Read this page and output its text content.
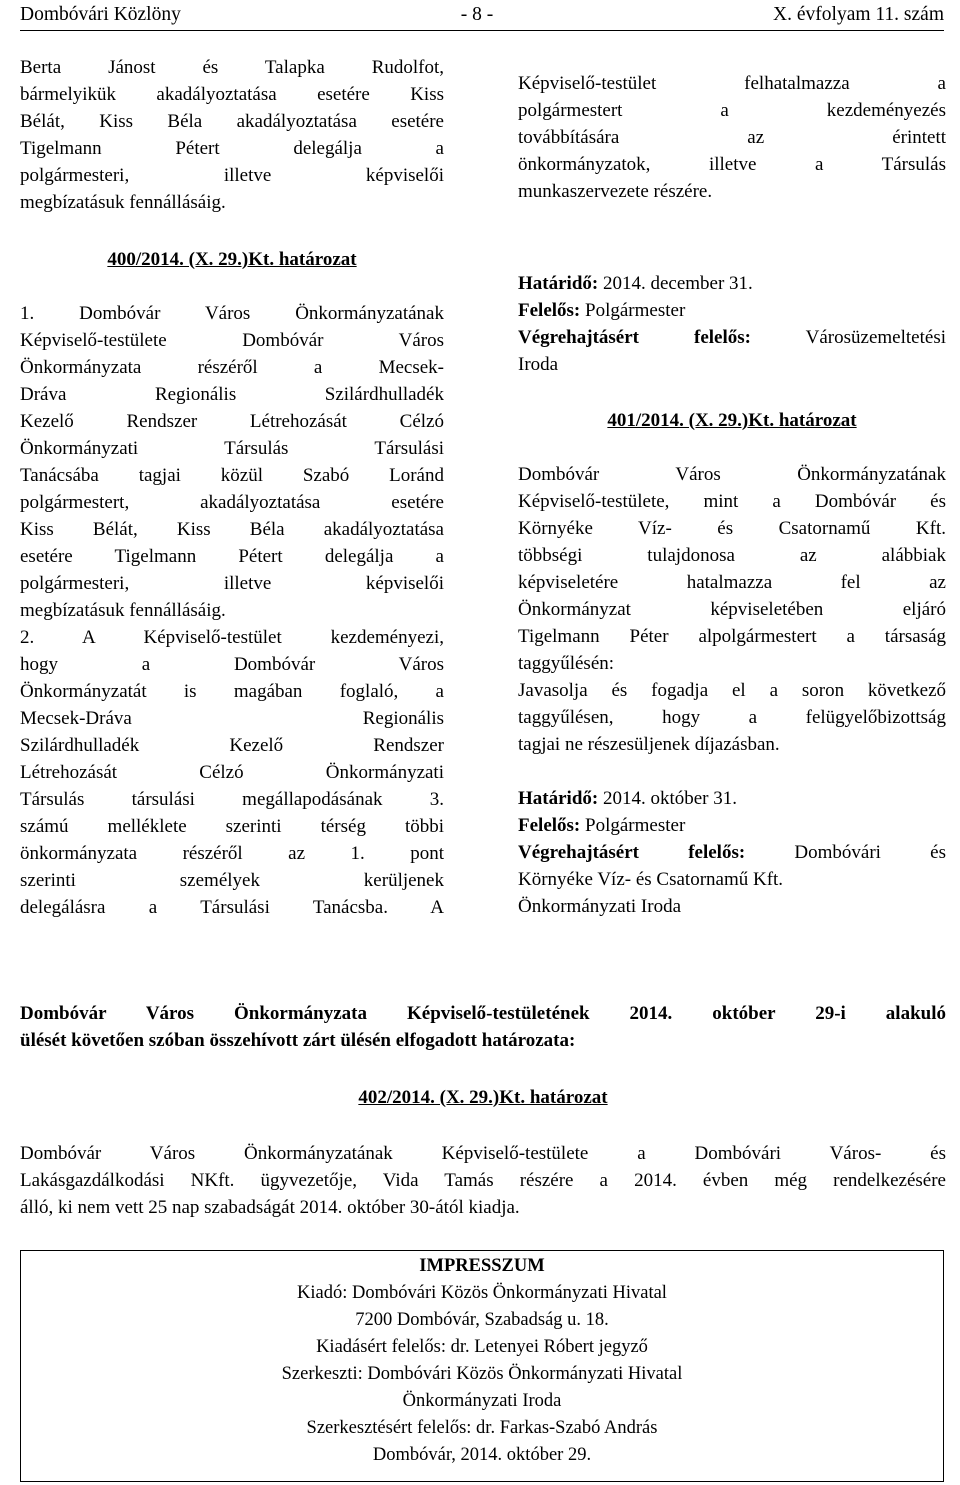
Dombóvári Közlöny	- 8 -	X. évfolyam 11. szám

Berta Jánost és Talapka Rudolfot,

bármelyikük akadályoztatása esetére Kiss

Bélát, Kiss Béla akadályoztatása esetére

Tigelmann Pétert delegálja a

polgármesteri, illetve képviselői

megbízatásuk fennállásáig.

400/2014. (X. 29.)Kt. határozat

1. Dombóvár Város Önkormányzatának

Képviselő-testülete Dombóvár Város

Önkormányzata részéről a Mecsek-

Dráva Regionális Szilárdhulladék

Kezelő Rendszer Létrehozását Célzó

Önkormányzati Társulás Társulási

Tanácsába tagjai közül Szabó Loránd

polgármestert, akadályoztatása esetére

Kiss Bélát, Kiss Béla akadályoztatása

esetére Tigelmann Pétert delegálja a

polgármesteri, illetve képviselői

megbízatásuk fennállásáig.

2. A Képviselő-testület kezdeményezi,

hogy a Dombóvár Város

Önkormányzatát is magában foglaló, a

Mecsek-Dráva Regionális

Szilárdhulladék Kezelő Rendszer

Létrehozását Célzó Önkormányzati

Társulás társulási megállapodásának 3.

számú melléklete szerinti térség többi

önkormányzata részéről az 1. pont

szerinti személyek kerüljenek

delegálásra a Társulási Tanácsba. A

Képviselő-testület felhatalmazza a

polgármestert a kezdeményezés

továbbítására az érintett

önkormányzatok, illetve a Társulás

munkaszervezete részére.

Határidő: 2014. december 31.

Felelős: Polgármester

Végrehajtásért felelős: Városüzemeltetési

Iroda

401/2014. (X. 29.)Kt. határozat

Dombóvár Város Önkormányzatának

Képviselő-testülete, mint a Dombóvár és

Környéke Víz- és Csatornamű Kft.

többségi tulajdonosa az alábbiak

képviseletére hatalmazza fel az

Önkormányzat képviseletében eljáró

Tigelmann Péter alpolgármestert a társaság

taggyűlésén:

Javasolja és fogadja el a soron következő

taggyűlésen, hogy a felügyelőbizottság

tagjai ne részesüljenek díjazásban.

Határidő: 2014. október 31.

Felelős: Polgármester

Végrehajtásért felelős: Dombóvári és

Környéke Víz- és Csatornamű Kft.

Önkormányzati Iroda

Dombóvár Város Önkormányzata Képviselő-testületének 2014. október 29-i alakuló

ülését követően szóban összehívott zárt ülésén elfogadott határozata:

402/2014. (X. 29.)Kt. határozat

Dombóvár Város Önkormányzatának Képviselő-testülete a Dombóvári Város- és

Lakásgazdálkodási NKft. ügyvezetője, Vida Tamás részére a 2014. évben még rendelkezésére

álló, ki nem vett 25 nap szabadságát 2014. október 30-ától kiadja.

IMPRESSZUM

Kiadó: Dombóvári Közös Önkormányzati Hivatal

7200 Dombóvár, Szabadság u. 18.

Kiadásért felelős: dr. Letenyei Róbert jegyző

Szerkeszti: Dombóvári Közös Önkormányzati Hivatal

Önkormányzati Iroda

Szerkesztésért felelős: dr. Farkas-Szabó András

Dombóvár, 2014. október 29.
